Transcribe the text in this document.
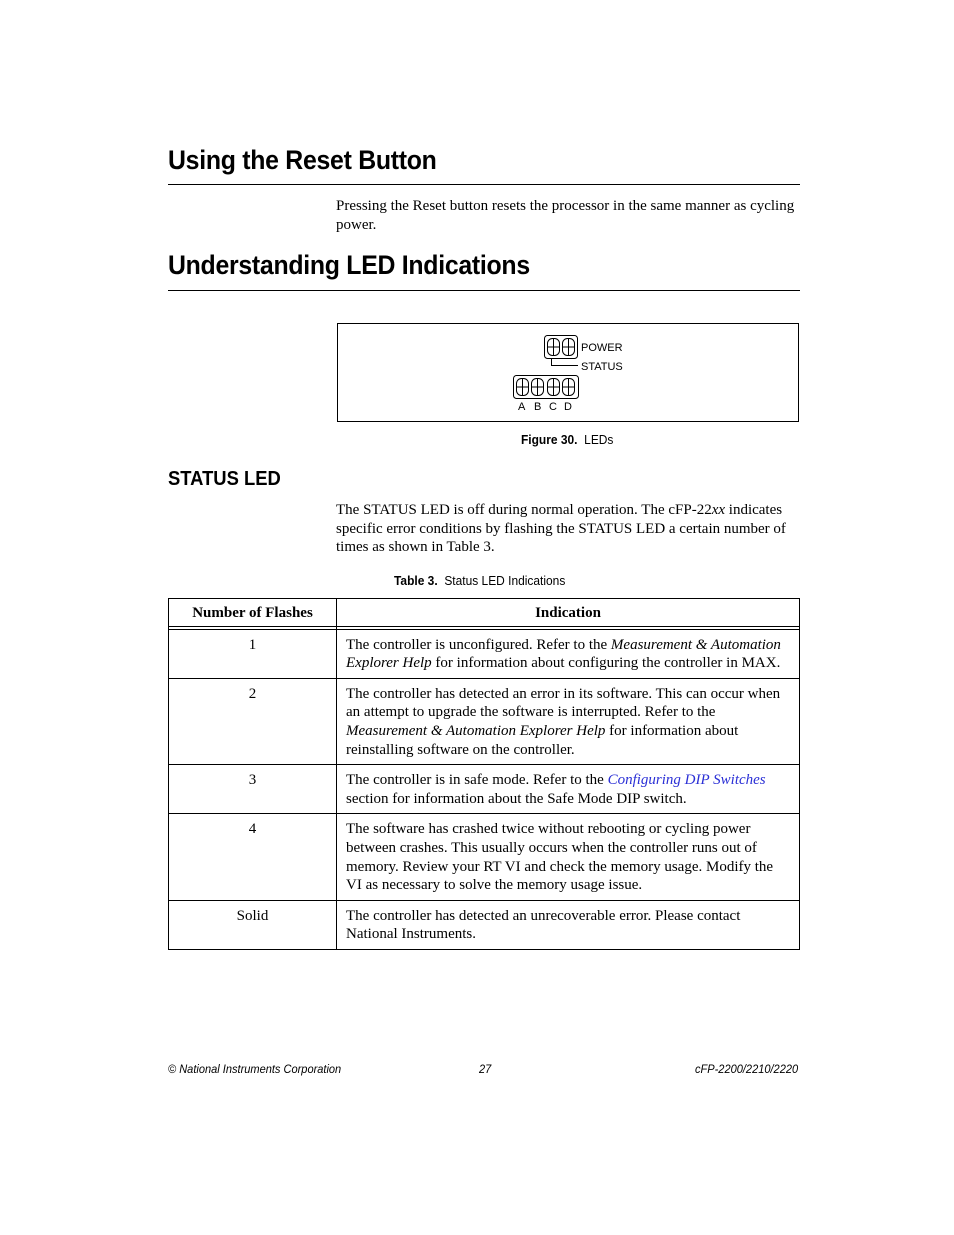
Using the Reset Button

Pressing the Reset button resets the processor in the same manner as cycling power.

Understanding LED Indications
POWER
STATUS
A B C D
Figure 30. LEDs
STATUS LED

The STATUS LED is off during normal operation. The cFP-22xx indicates specific error conditions by flashing the STATUS LED a certain number of times as shown in Table 3.

Table 3. Status LED Indications
Number of Flashes	Indication

1	The controller is unconfigured. Refer to the Measurement & Automation Explorer Help for information about configuring the controller in MAX.
2	The controller has detected an error in its software. This can occur when an attempt to upgrade the software is interrupted. Refer to the Measurement & Automation Explorer Help for information about reinstalling software on the controller.
3	The controller is in safe mode. Refer to the Configuring DIP Switches section for information about the Safe Mode DIP switch.
4	The software has crashed twice without rebooting or cycling power between crashes. This usually occurs when the controller runs out of memory. Review your RT VI and check the memory usage. Modify the VI as necessary to solve the memory usage issue.
Solid	The controller has detected an unrecoverable error. Please contact National Instruments.
© National Instruments Corporation	27	cFP-2200/2210/2220
